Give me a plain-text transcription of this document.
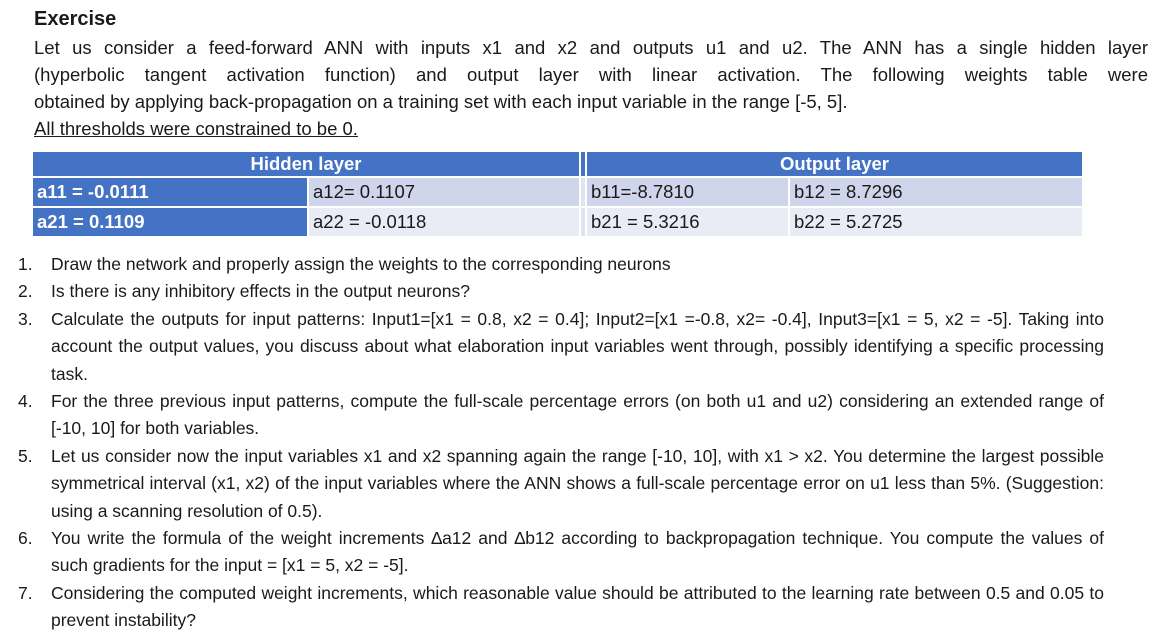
Exercise
Let us consider a feed-forward ANN with inputs x1 and x2 and outputs u1 and u2. The ANN has a single hidden layer
(hyperbolic tangent activation function) and output layer with linear activation. The following weights table were
obtained by applying back-propagation on a training set with each input variable in the range [-5, 5].

All thresholds were constrained to be 0.

Hidden layer			Output layer	
a11 = -0.0111	a12= 0.1107		b11=-8.7810	b12 = 8.7296
a21 = 0.1109	a22 = -0.0118		b21 = 5.3216	b22 = 5.2725
1. Draw the network and properly assign the weights to the corresponding neurons
2. Is there is any inhibitory effects in the output neurons?
3. Calculate the outputs for input patterns: Input1=[x1 = 0.8, x2 = 0.4]; Input2=[x1 =-0.8, x2= -0.4], Input3=[x1 = 5, x2 = -5]. Taking into account the output values, you discuss about what elaboration input variables went through, possibly identifying a specific processing task.
4. For the three previous input patterns, compute the full-scale percentage errors (on both u1 and u2) considering an extended range of [-10, 10] for both variables.
5. Let us consider now the input variables x1 and x2 spanning again the range [-10, 10], with x1 > x2. You determine the largest possible symmetrical interval (x1, x2) of the input variables where the ANN shows a full-scale percentage error on u1 less than 5%. (Suggestion: using a scanning resolution of 0.5).
6. You write the formula of the weight increments ∆a12 and ∆b12 according to backpropagation technique. You compute the values of such gradients for the input = [x1 = 5, x2 = -5].
7. Considering the computed weight increments, which reasonable value should be attributed to the learning rate between 0.5 and 0.05 to prevent instability?
